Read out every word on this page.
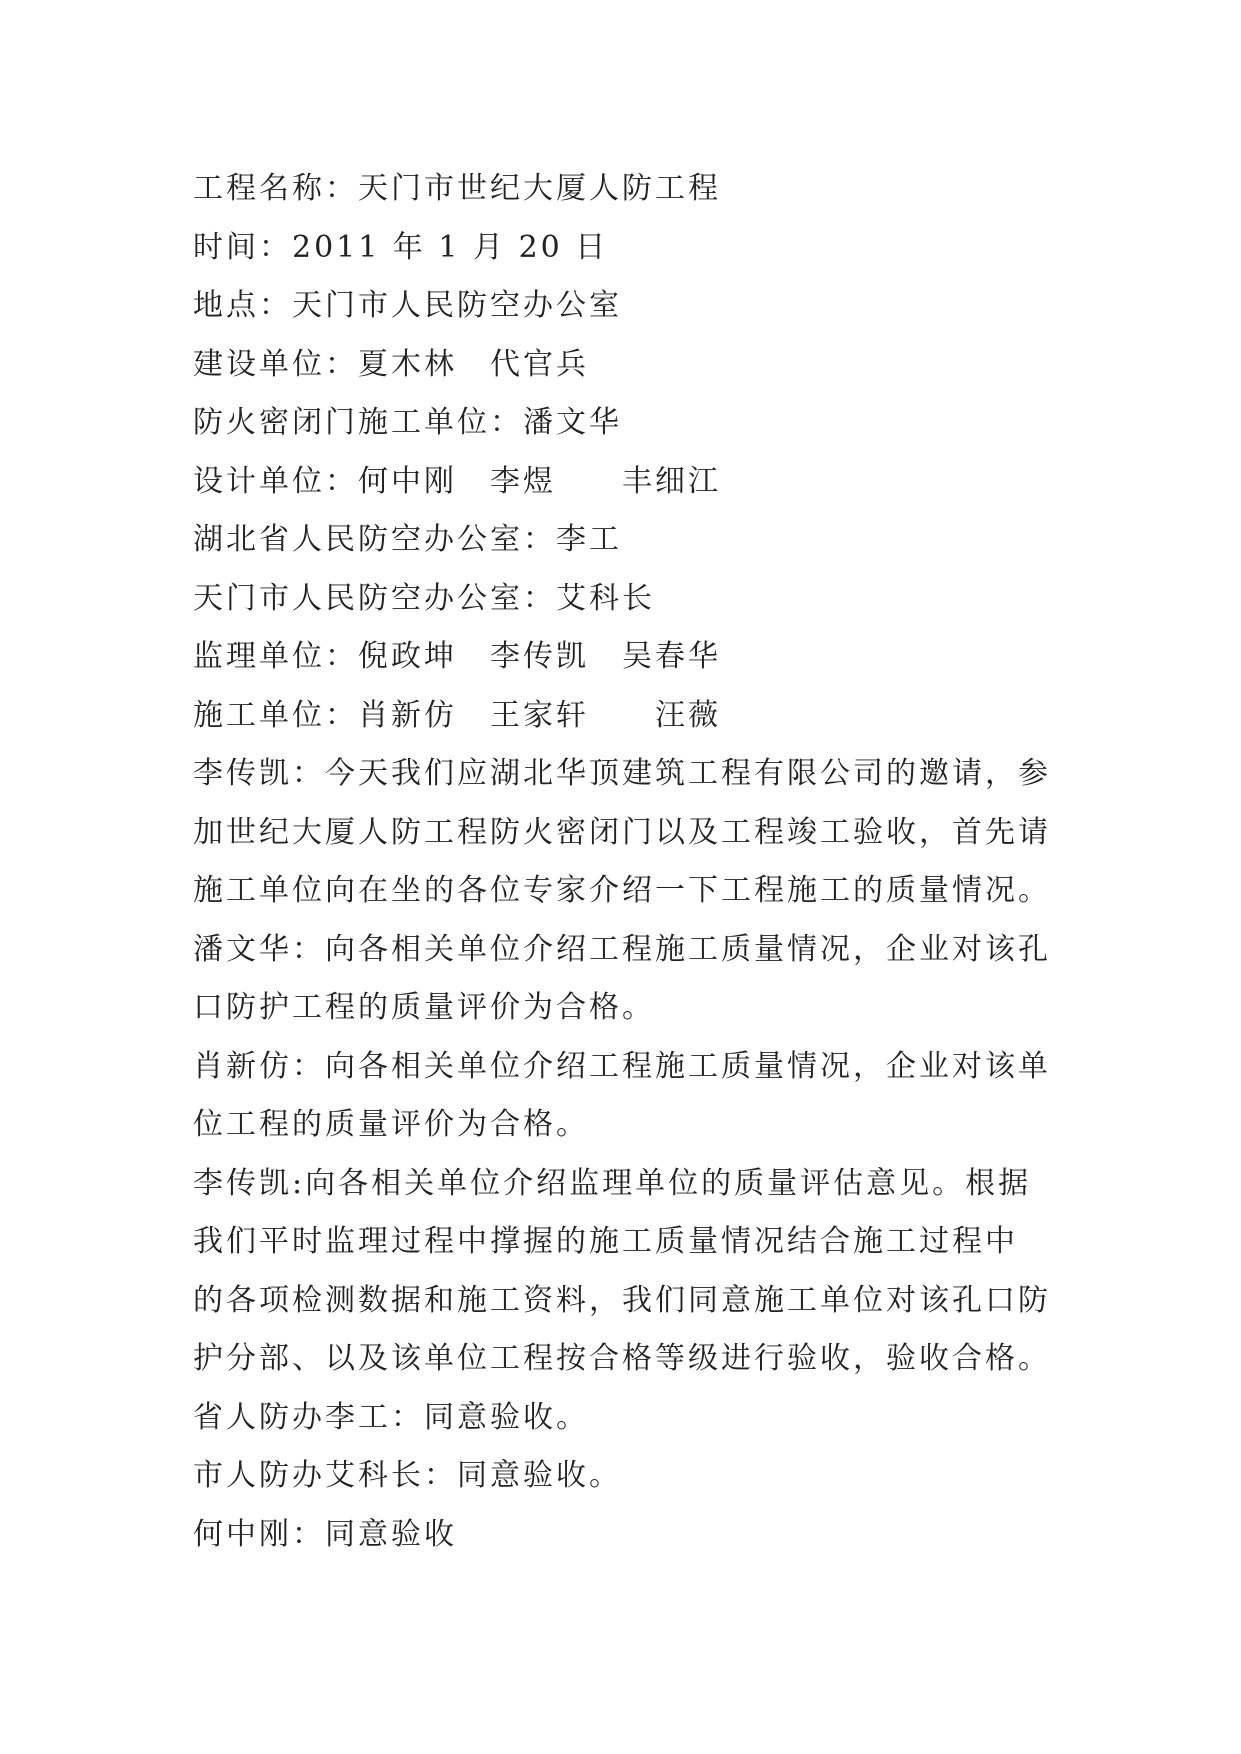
工程名称：天门市世纪大厦人防工程

时间：2011 年 1 月 20 日

地点：天门市人民防空办公室

建设单位：夏木林　代官兵

防火密闭门施工单位：潘文华

设计单位：何中刚　李煜　　丰细江

湖北省人民防空办公室：李工

天门市人民防空办公室：艾科长

监理单位：倪政坤　李传凯　吴春华

施工单位：肖新仿　王家轩　　汪薇

李传凯：今天我们应湖北华顶建筑工程有限公司的邀请，参

加世纪大厦人防工程防火密闭门以及工程竣工验收，首先请

施工单位向在坐的各位专家介绍一下工程施工的质量情况。

潘文华：向各相关单位介绍工程施工质量情况，企业对该孔

口防护工程的质量评价为合格。

肖新仿：向各相关单位介绍工程施工质量情况，企业对该单

位工程的质量评价为合格。

李传凯:向各相关单位介绍监理单位的质量评估意见。根据

我们平时监理过程中撑握的施工质量情况结合施工过程中

的各项检测数据和施工资料，我们同意施工单位对该孔口防

护分部、以及该单位工程按合格等级进行验收，验收合格。

省人防办李工：同意验收。

市人防办艾科长：同意验收。

何中刚：同意验收
